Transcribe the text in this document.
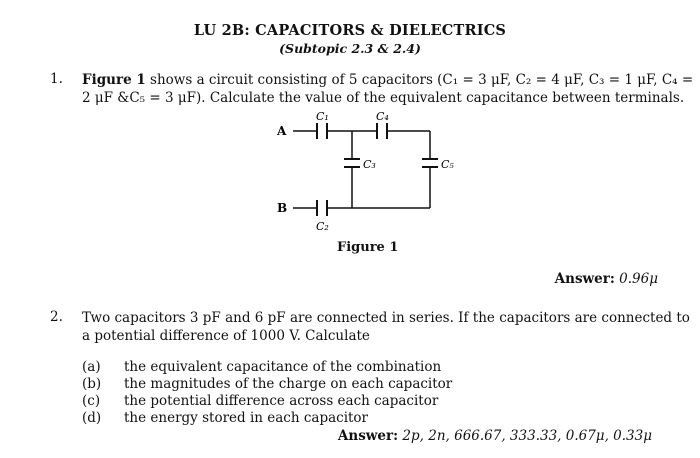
LU 2B: CAPACITORS & DIELECTRICS
(Subtopic 2.3 & 2.4)
1. Figure 1 shows a circuit consisting of 5 capacitors (C₁ = 3 μF, C₂ = 4 μF, C₃ = 1 μF, C₄ =
2 μF &C₅ = 3 μF). Calculate the value of the equivalent capacitance between terminals.
A
B
C₁	C₄
C₃	C₅
C₂
Figure 1
Answer: 0.96μ
2. Two capacitors 3 pF and 6 pF are connected in series. If the capacitors are connected to
a potential difference of 1000 V. Calculate
(a) the equivalent capacitance of the combination
(b) the magnitudes of the charge on each capacitor
(c) the potential difference across each capacitor
(d) the energy stored in each capacitor
Answer: 2p, 2n, 666.67, 333.33, 0.67μ, 0.33μ
